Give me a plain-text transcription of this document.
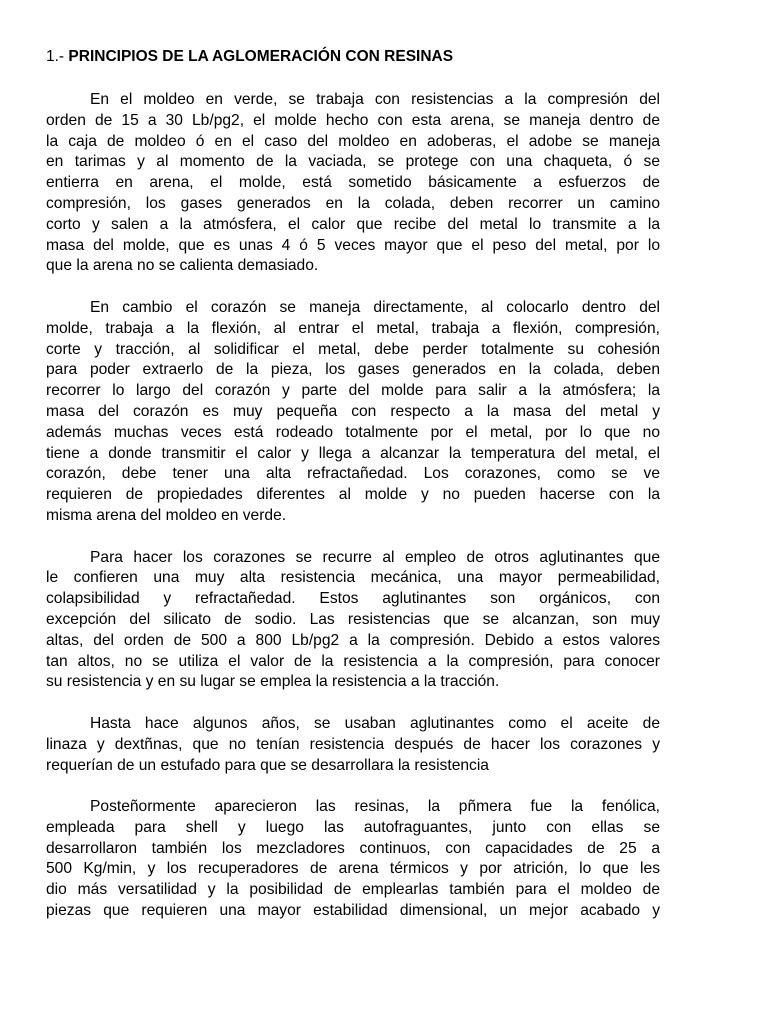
1.- PRINCIPIOS DE LA AGLOMERACIÓN CON RESINAS
En el moldeo en verde, se trabaja con resistencias a la compresión del
orden de 15 a 30 Lb/pg2, el molde hecho con esta arena, se maneja dentro de
la caja de moldeo ó en el caso del moldeo en adoberas, el adobe se maneja
en tarimas y al momento de la vaciada, se protege con una chaqueta, ó se
entierra en arena, el molde, está sometido básicamente a esfuerzos de
compresión, los gases generados en la colada, deben recorrer un camino
corto y salen a la atmósfera, el calor que recibe del metal lo transmite a la
masa del molde, que es unas 4 ó 5 veces mayor que el peso del metal, por lo
que la arena no se calienta demasiado.
En cambio el corazón se maneja directamente, al colocarlo dentro del
molde, trabaja a la flexión, al entrar el metal, trabaja a flexión, compresión,
corte y tracción, al solidificar el metal, debe perder totalmente su cohesión
para poder extraerlo de la pieza, los gases generados en la colada, deben
recorrer lo largo del corazón y parte del molde para salir a la atmósfera; la
masa del corazón es muy pequeña con respecto a la masa del metal y
además muchas veces está rodeado totalmente por el metal, por lo que no
tiene a donde transmitir el calor y llega a alcanzar la temperatura del metal, el
corazón, debe tener una alta refractañedad. Los corazones, como se ve
requieren de propiedades diferentes al molde y no pueden hacerse con la
misma arena del moldeo en verde.
Para hacer los corazones se recurre al empleo de otros aglutinantes que
le confieren una muy alta resistencia mecánica, una mayor permeabilidad,
colapsibilidad y refractañedad. Estos aglutinantes son orgánicos, con
excepción del silicato de sodio. Las resistencias que se alcanzan, son muy
altas, del orden de 500 a 800 Lb/pg2 a la compresión. Debido a estos valores
tan altos, no se utiliza el valor de la resistencia a la compresión, para conocer
su resistencia y en su lugar se emplea la resistencia a la tracción.
Hasta hace algunos años, se usaban aglutinantes como el aceite de
linaza y dextñnas, que no tenían resistencia después de hacer los corazones y
requerían de un estufado para que se desarrollara la resistencia
Posteñormente aparecieron las resinas, la pñmera fue la fenólica,
empleada para shell y luego las autofraguantes, junto con ellas se
desarrollaron también los mezcladores continuos, con capacidades de 25 a
500 Kg/min, y los recuperadores de arena térmicos y por atrición, lo que les
dio más versatilidad y la posibilidad de emplearlas también para el moldeo de
piezas que requieren una mayor estabilidad dimensional, un mejor acabado y
